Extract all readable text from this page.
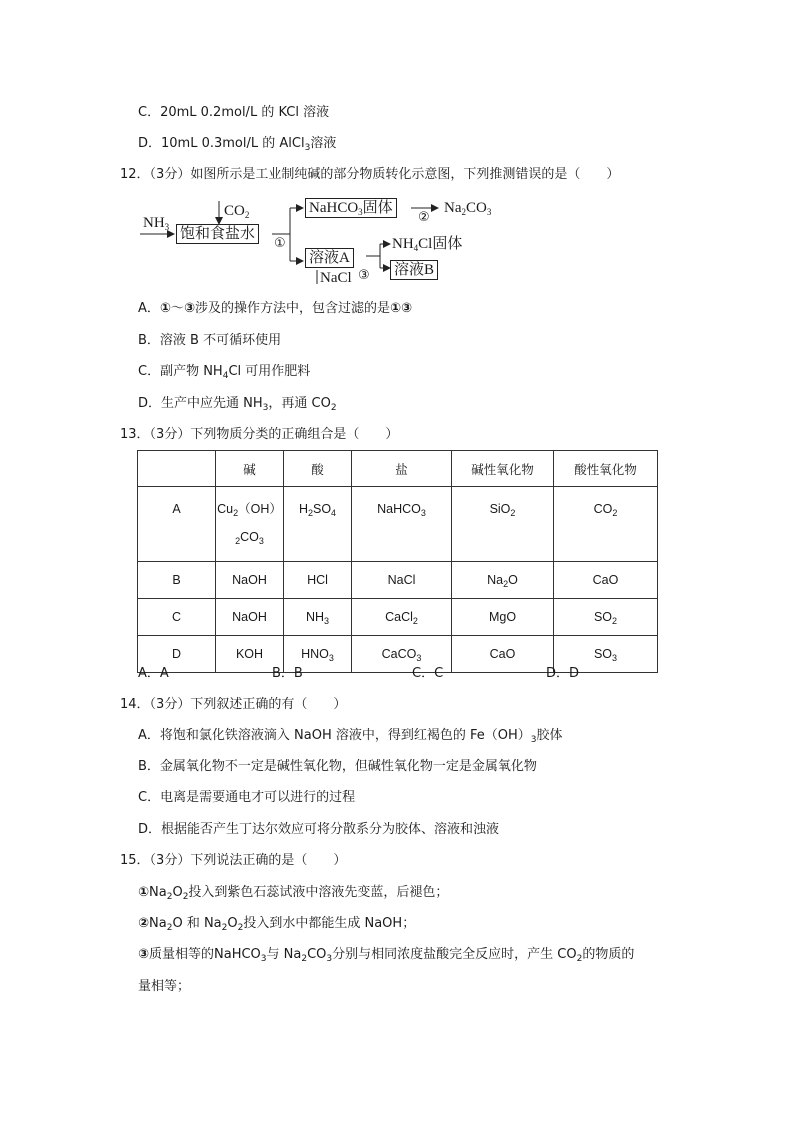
C．20mL 0.2mol/L 的 KCl 溶液
D．10mL 0.3mol/L 的 AlCl$_3$溶液
12．（3分）如图所示是工业制纯碱的部分物质转化示意图，下列推测错误的是（　　）
$NH_3$
$CO_2$
饱和食盐水
①
NaHCO$_3$固体
②
$Na_2CO_3$
溶液A
NaCl ③
$NH_4Cl$固体
溶液B
A．①～③涉及的操作方法中，包含过滤的是①③
B．溶液 B 不可循环使用
C．副产物 $NH_4Cl$ 可用作肥料
D．生产中应先通 $NH_3$，再通 $CO_2$
13．（3分）下列物质分类的正确组合是（　　）
	碱	酸	盐	碱性氧化物	酸性氧化物
A	$Cu_2(OH)$
$_2CO_3$	$H_2SO_4$	NaHCO$_3$	SiO$_2$	$CO_2$
B	NaOH	HCl	NaCl	$Na_2O$	CaO
C	NaOH	$NH_3$	CaCl$_2$	MgO	$SO_2$
D	KOH	$HNO_3$	CaCO$_3$	CaO	$SO_3$
A．A	B．B	C．C	D．D
14．（3分）下列叙述正确的有（　　）
A．将饱和氯化铁溶液滴入 NaOH 溶液中，得到红褐色的 $Fe(OH)_3$胶体
B．金属氧化物不一定是碱性氧化物，但碱性氧化物一定是金属氧化物
C．电离是需要通电才可以进行的过程
D．根据能否产生丁达尔效应可将分散系分为胶体、溶液和浊液
15．（3分）下列说法正确的是（　　）
$①Na_2O_2$投入到紫色石蕊试液中溶液先变蓝，后褪色；
$②Na_2O$ 和 $Na_2O_2$投入到水中都能生成 NaOH；
③质量相等的NaHCO$_3$与 $Na_2CO_3$分别与相同浓度盐酸完全反应时，产生 $CO_2$的物质的
量相等；
